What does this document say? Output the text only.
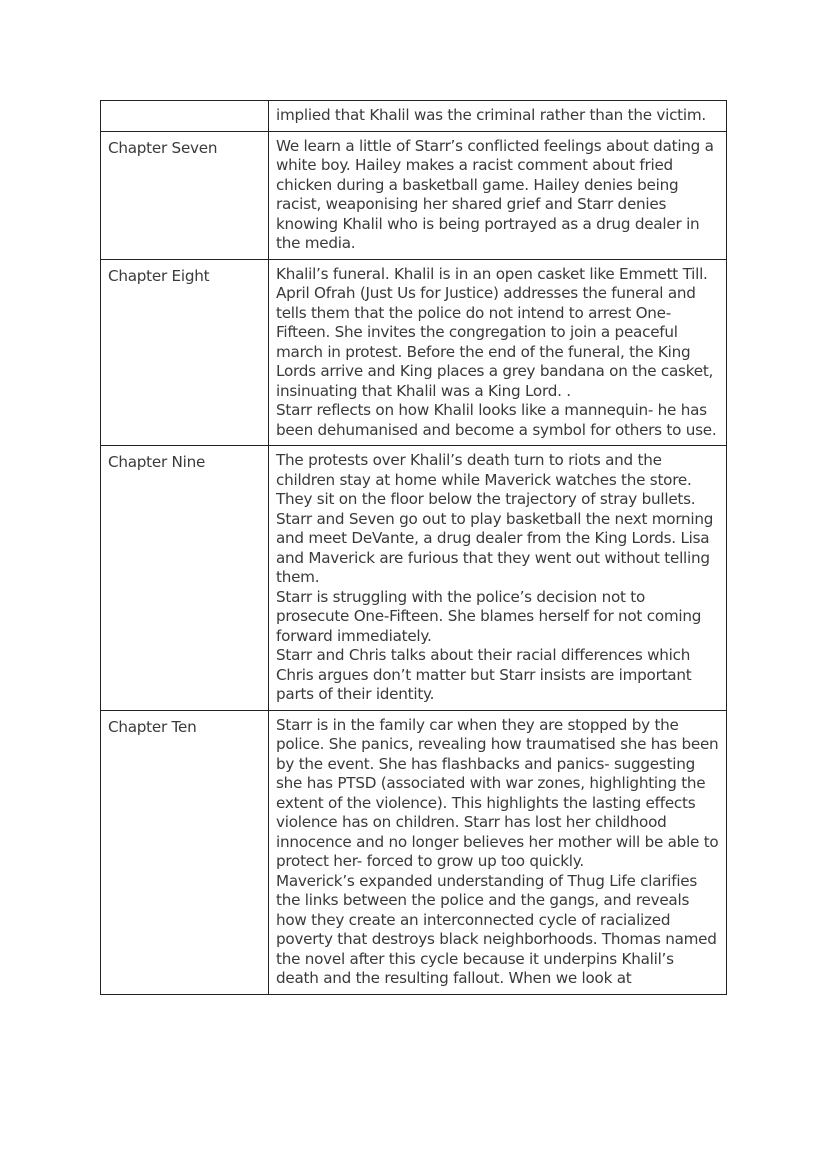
	implied that Khalil was the criminal rather than the victim.

Chapter Seven	We learn a little of Starr’s conflicted feelings about dating a white boy. Hailey makes a racist comment about fried chicken during a basketball game. Hailey denies being racist, weaponising her shared grief and Starr denies knowing Khalil who is being portrayed as a drug dealer in the media.

Chapter Eight	Khalil’s funeral. Khalil is in an open casket like Emmett Till. April Ofrah (Just Us for Justice) addresses the funeral and tells them that the police do not intend to arrest One-Fifteen. She invites the congregation to join a peaceful march in protest. Before the end of the funeral, the King Lords arrive and King places a grey bandana on the casket, insinuating that Khalil was a King Lord. .

Starr reflects on how Khalil looks like a mannequin- he has been dehumanised and become a symbol for others to use.

Chapter Nine	The protests over Khalil’s death turn to riots and the children stay at home while Maverick watches the store. They sit on the floor below the trajectory of stray bullets. Starr and Seven go out to play basketball the next morning and meet DeVante, a drug dealer from the King Lords. Lisa and Maverick are furious that they went out without telling them.

Starr is struggling with the police’s decision not to prosecute One-Fifteen. She blames herself for not coming forward immediately.

Starr and Chris talks about their racial differences which Chris argues don’t matter but Starr insists are important parts of their identity.

Chapter Ten	Starr is in the family car when they are stopped by the police. She panics, revealing how traumatised she has been by the event. She has flashbacks and panics- suggesting she has PTSD (associated with war zones, highlighting the extent of the violence). This highlights the lasting effects violence has on children. Starr has lost her childhood innocence and no longer believes her mother will be able to protect her- forced to grow up too quickly.

Maverick’s expanded understanding of Thug Life clarifies the links between the police and the gangs, and reveals how they create an interconnected cycle of racialized poverty that destroys black neighborhoods. Thomas named the novel after this cycle because it underpins Khalil’s death and the resulting fallout. When we look at
